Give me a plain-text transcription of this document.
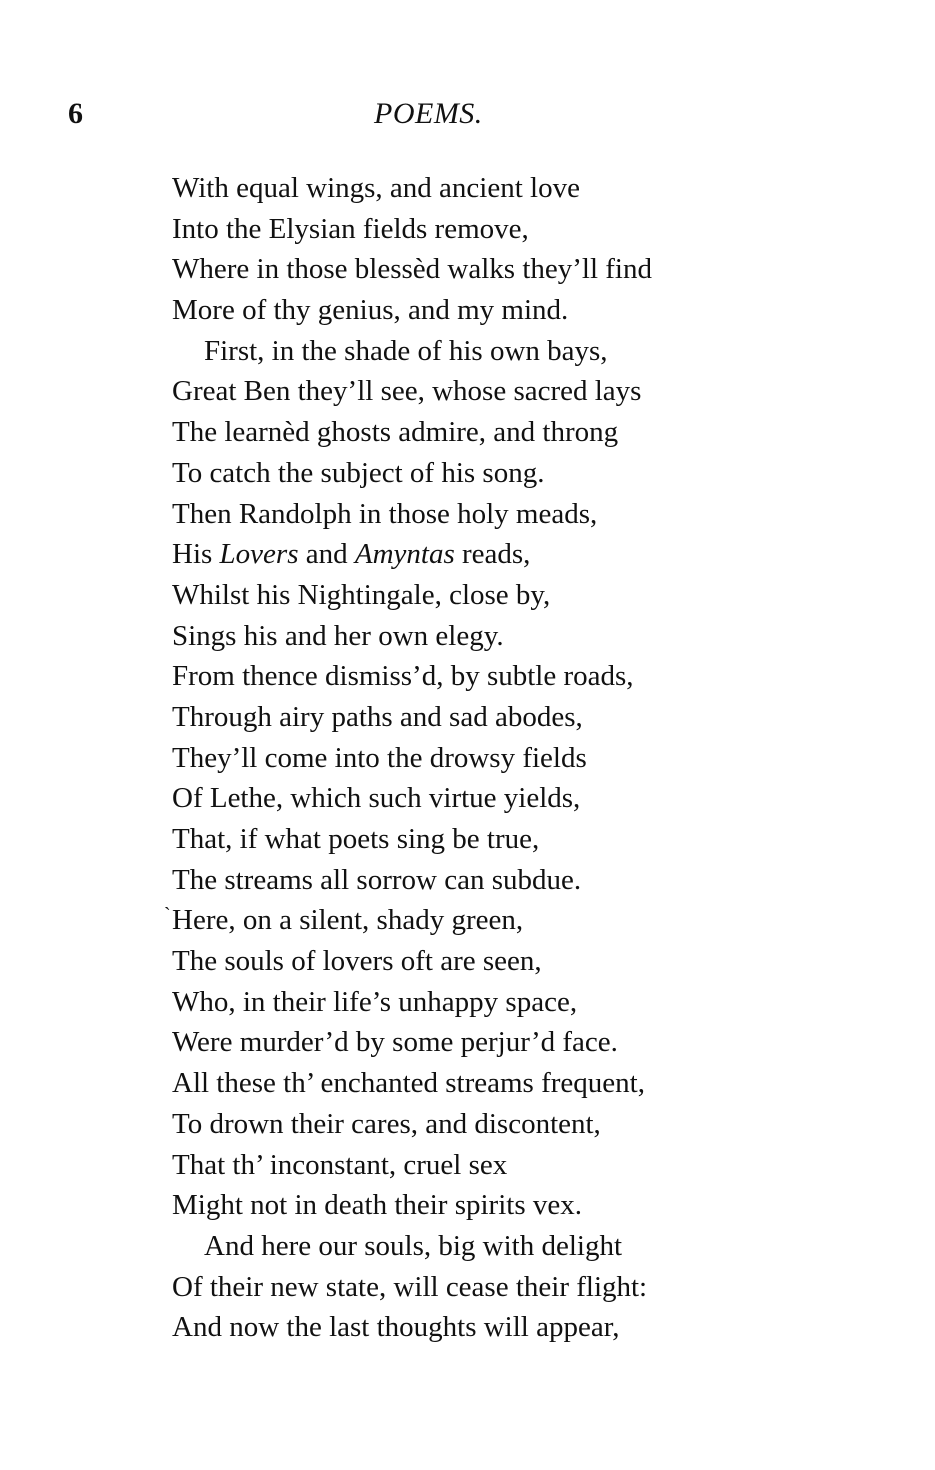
6	POEMS.
`
With equal wings, and ancient love
Into the Elysian fields remove,
Where in those blessèd walks they’ll find
More of thy genius, and my mind.
First, in the shade of his own bays,
Great Ben they’ll see, whose sacred lays
The learnèd ghosts admire, and throng
To catch the subject of his song.
Then Randolph in those holy meads,
His Lovers and Amyntas reads,
Whilst his Nightingale, close by,
Sings his and her own elegy.
From thence dismiss’d, by subtle roads,
Through airy paths and sad abodes,
They’ll come into the drowsy fields
Of Lethe, which such virtue yields,
That, if what poets sing be true,
The streams all sorrow can subdue.
Here, on a silent, shady green,
The souls of lovers oft are seen,
Who, in their life’s unhappy space,
Were murder’d by some perjur’d face.
All these th’ enchanted streams frequent,
To drown their cares, and discontent,
That th’ inconstant, cruel sex
Might not in death their spirits vex.
And here our souls, big with delight
Of their new state, will cease their flight:
And now the last thoughts will appear,
